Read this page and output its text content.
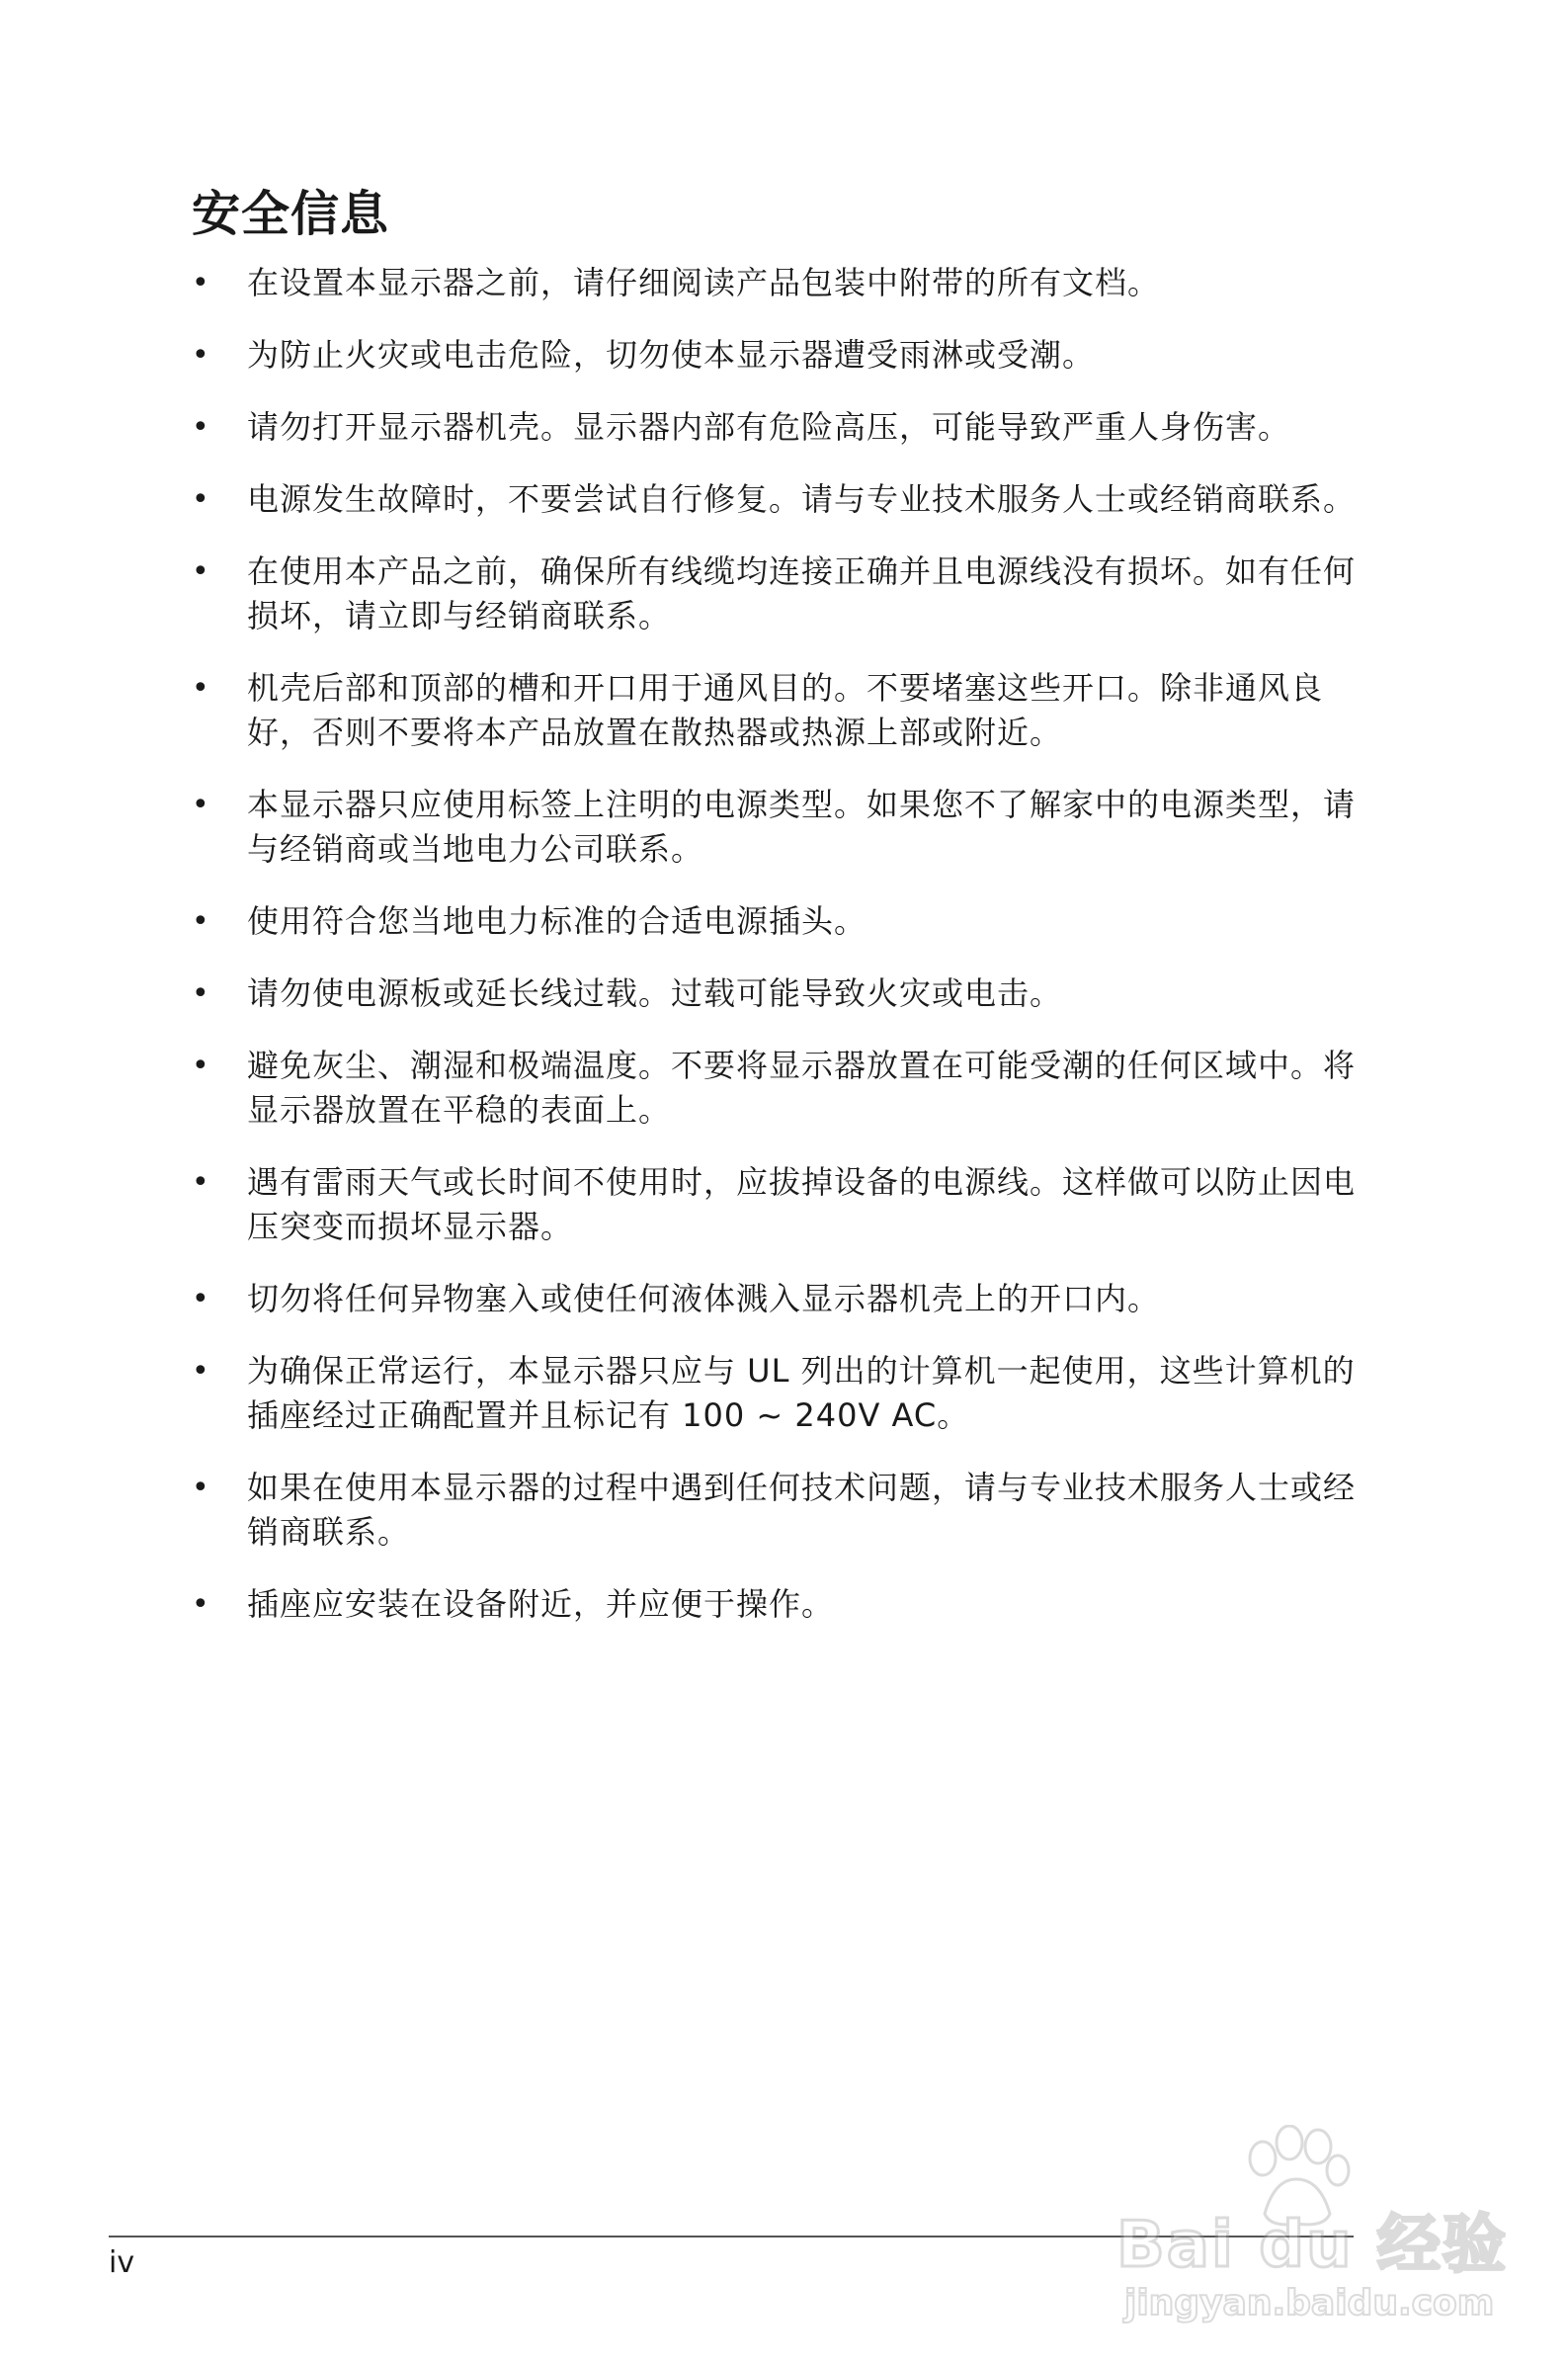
安全信息
• 在设置本显示器之前，请仔细阅读产品包装中附带的所有文档。
• 为防止火灾或电击危险，切勿使本显示器遭受雨淋或受潮。
• 请勿打开显示器机壳。显示器内部有危险高压，可能导致严重人身伤害。
• 电源发生故障时，不要尝试自行修复。请与专业技术服务人士或经销商联系。
• 在使用本产品之前，确保所有线缆均连接正确并且电源线没有损坏。如有任何损坏，请立即与经销商联系。
• 机壳后部和顶部的槽和开口用于通风目的。不要堵塞这些开口。除非通风良好，否则不要将本产品放置在散热器或热源上部或附近。
• 本显示器只应使用标签上注明的电源类型。如果您不了解家中的电源类型，请与经销商或当地电力公司联系。
• 使用符合您当地电力标准的合适电源插头。
• 请勿使电源板或延长线过载。过载可能导致火灾或电击。
• 避免灰尘、潮湿和极端温度。不要将显示器放置在可能受潮的任何区域中。将显示器放置在平稳的表面上。
• 遇有雷雨天气或长时间不使用时，应拔掉设备的电源线。这样做可以防止因电压突变而损坏显示器。
• 切勿将任何异物塞入或使任何液体溅入显示器机壳上的开口内。
• 为确保正常运行，本显示器只应与 UL 列出的计算机一起使用，这些计算机的插座经过正确配置并且标记有 100 ~ 240V AC。
• 如果在使用本显示器的过程中遇到任何技术问题，请与专业技术服务人士或经销商联系。
• 插座应安装在设备附近，并应便于操作。
iv	Bai du 经验
jingyan.baidu.com
